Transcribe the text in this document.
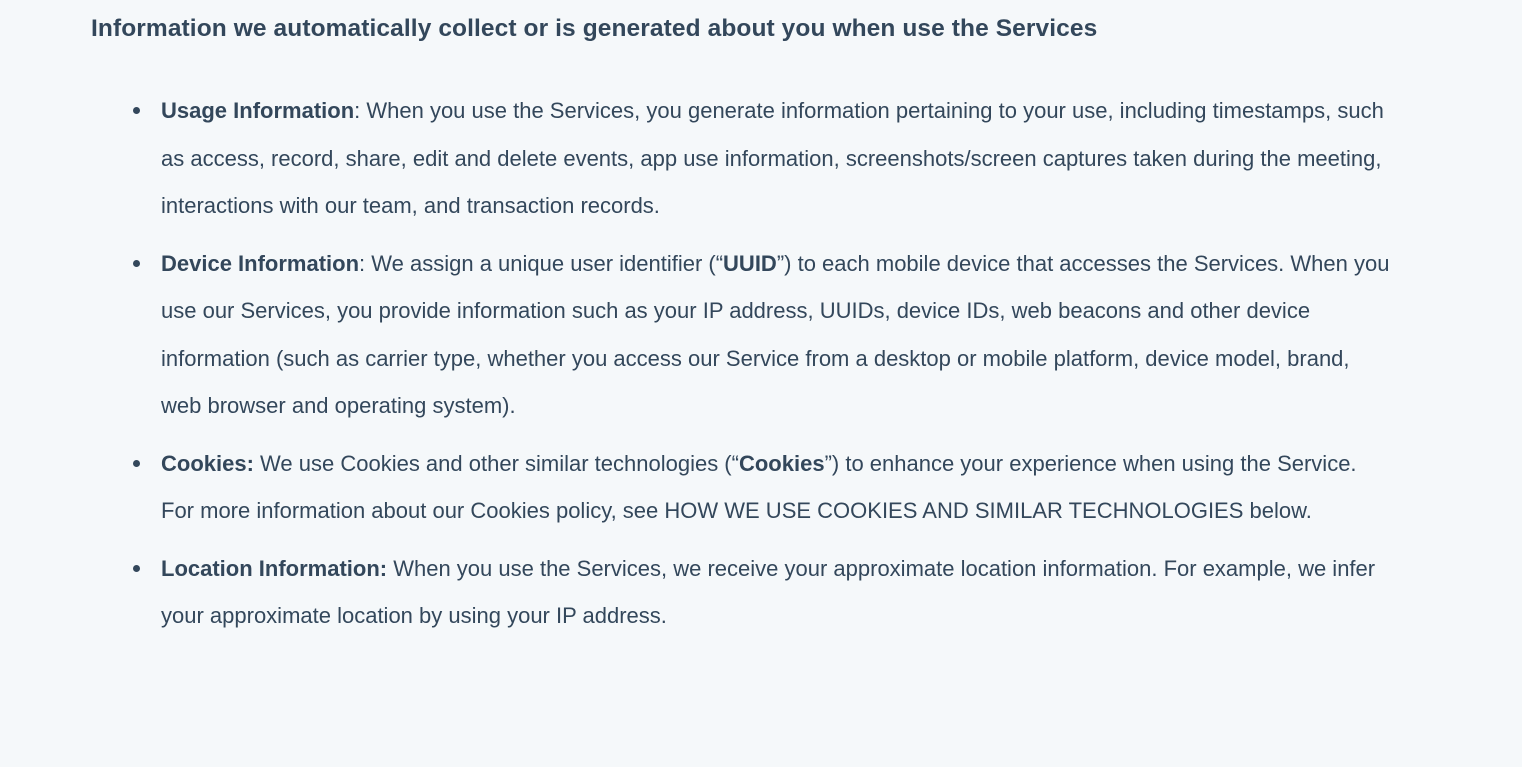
Information we automatically collect or is generated about you when use the Services
Usage Information: When you use the Services, you generate information pertaining to your use, including timestamps, such as access, record, share, edit and delete events, app use information, screenshots/screen captures taken during the meeting, interactions with our team, and transaction records.
Device Information: We assign a unique user identifier (“UUID”) to each mobile device that accesses the Services. When you use our Services, you provide information such as your IP address, UUIDs, device IDs, web beacons and other device information (such as carrier type, whether you access our Service from a desktop or mobile platform, device model, brand, web browser and operating system).
Cookies: We use Cookies and other similar technologies (“Cookies”) to enhance your experience when using the Service. For more information about our Cookies policy, see HOW WE USE COOKIES AND SIMILAR TECHNOLOGIES below.
Location Information: When you use the Services, we receive your approximate location information. For example, we infer your approximate location by using your IP address.
